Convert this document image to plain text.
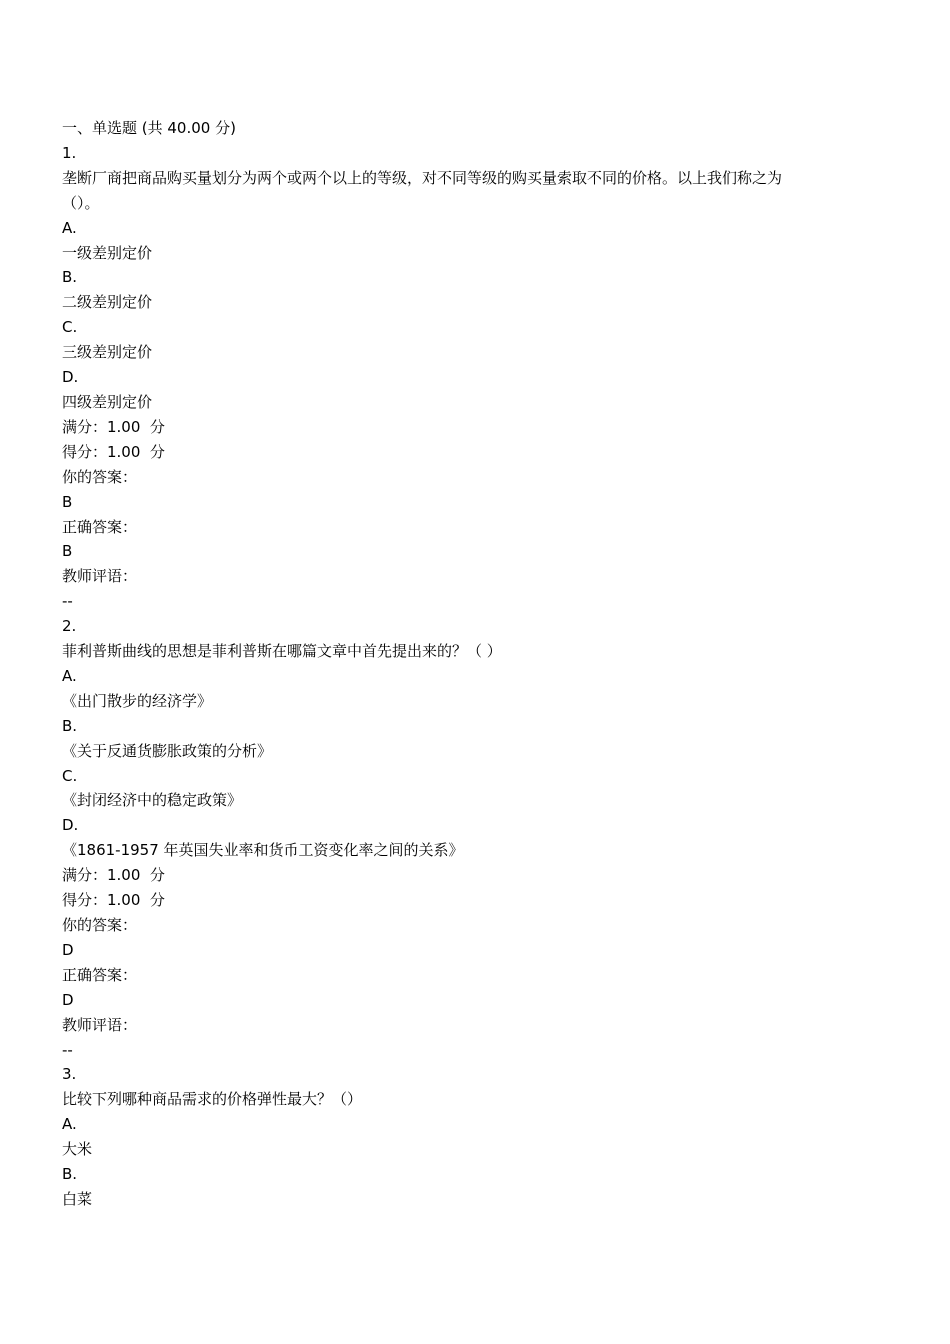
一、单选题 (共 40.00 分)
1.
垄断厂商把商品购买量划分为两个或两个以上的等级，对不同等级的购买量索取不同的价格。以上我们称之为（）。
A.
一级差别定价
B.
二级差别定价
C.
三级差别定价
D.
四级差别定价
满分：1.00  分
得分：1.00  分
你的答案：
B
正确答案：
B
教师评语：
--
2.
菲利普斯曲线的思想是菲利普斯在哪篇文章中首先提出来的？（ ）
A.
《出门散步的经济学》
B.
《关于反通货膨胀政策的分析》
C.
《封闭经济中的稳定政策》
D.
《1861-1957 年英国失业率和货币工资变化率之间的关系》
满分：1.00  分
得分：1.00  分
你的答案：
D
正确答案：
D
教师评语：
--
3.
比较下列哪种商品需求的价格弹性最大？（）
A.
大米
B.
白菜
